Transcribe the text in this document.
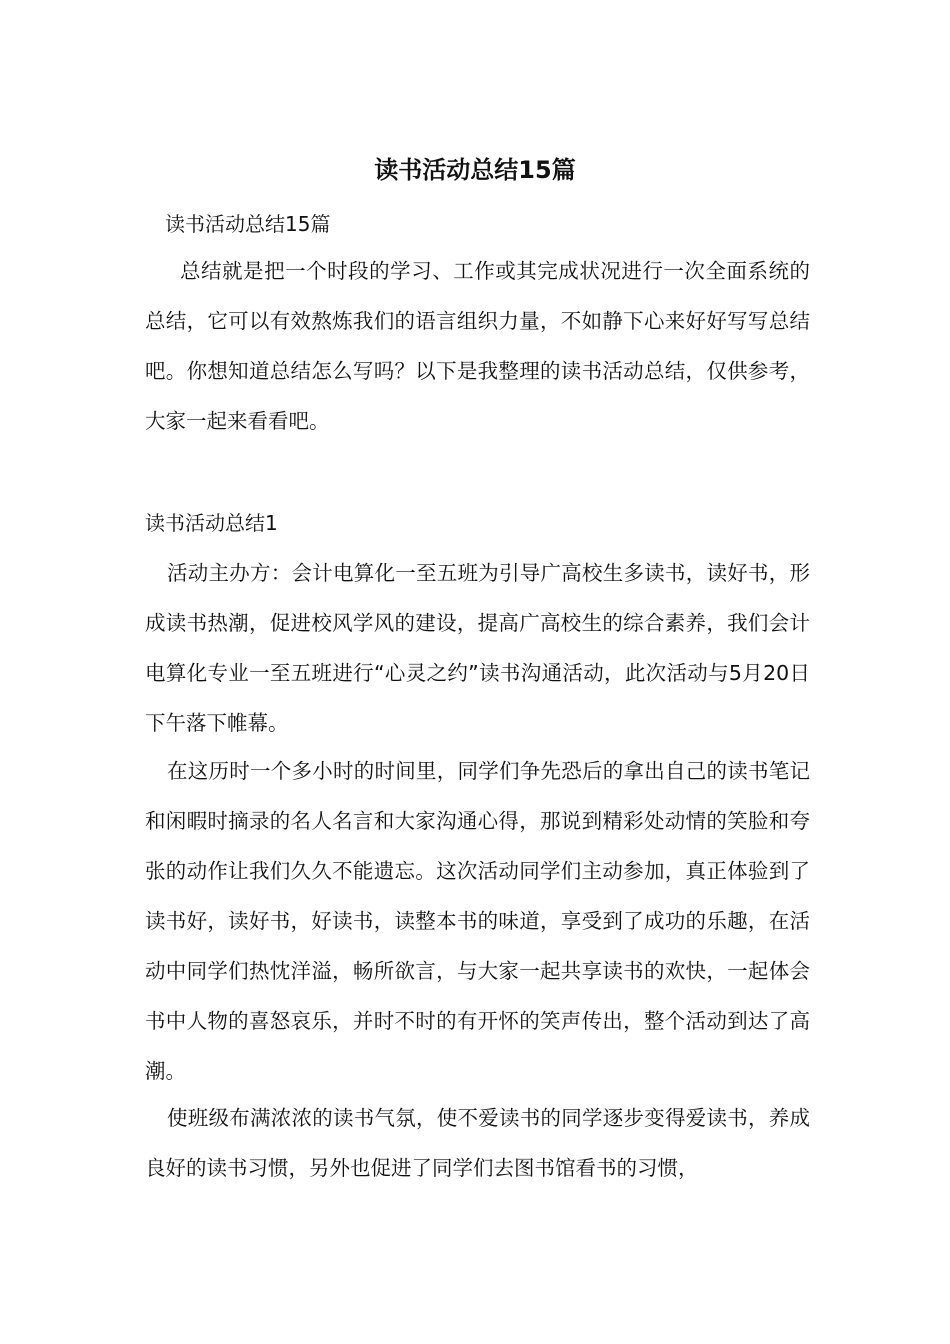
读书活动总结15篇

读书活动总结15篇

总结就是把一个时段的学习、工作或其完成状况进行一次全面系统的总结，它可以有效熬炼我们的语言组织力量，不如静下心来好好写写总结吧。你想知道总结怎么写吗？以下是我整理的读书活动总结，仅供参考，大家一起来看看吧。

读书活动总结1

活动主办方：会计电算化一至五班为引导广高校生多读书，读好书，形成读书热潮，促进校风学风的建设，提高广高校生的综合素养，我们会计电算化专业一至五班进行“心灵之约”读书沟通活动，此次活动与5月20日下午落下帷幕。

在这历时一个多小时的时间里，同学们争先恐后的拿出自己的读书笔记和闲暇时摘录的名人名言和大家沟通心得，那说到精彩处动情的笑脸和夸张的动作让我们久久不能遗忘。这次活动同学们主动参加，真正体验到了读书好，读好书，好读书，读整本书的味道，享受到了成功的乐趣，在活动中同学们热忱洋溢，畅所欲言，与大家一起共享读书的欢快，一起体会书中人物的喜怒哀乐，并时不时的有开怀的笑声传出，整个活动到达了高潮。

使班级布满浓浓的读书气氛，使不爱读书的同学逐步变得爱读书，养成良好的读书习惯，另外也促进了同学们去图书馆看书的习惯，
